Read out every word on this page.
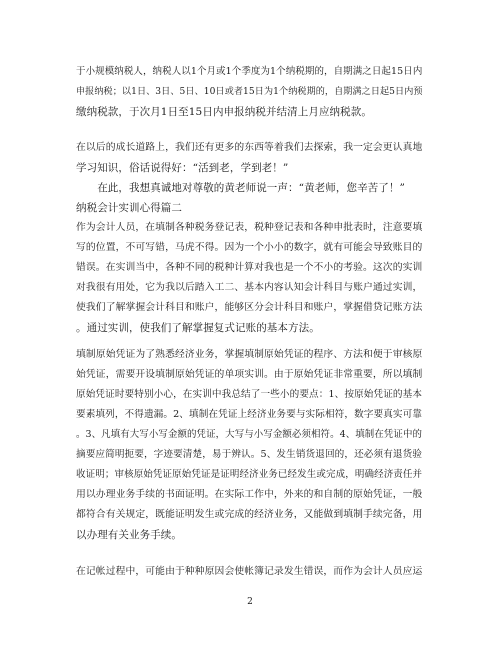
于小规模纳税人，纳税人以1个月或1个季度为1个纳税期的，自期满之日起15日内
申报纳税；以1日、3日、5日、10日或者15日为1个纳税期的，自期满之日起5日内预
缴纳税款，于次月1日至15日内申报纳税并结清上月应纳税款。
在以后的成长道路上，我们还有更多的东西等着我们去探索，我一定会更认真地
学习知识，俗话说得好：“活到老，学到老！”
　　在此，我想真诚地对尊敬的黄老师说一声：“黄老师，您辛苦了！”
纳税会计实训心得篇二
作为会计人员，在填制各种税务登记表，税种登记表和各种申批表时，注意要填
写的位置，不可写错，马虎不得。因为一个小小的数字，就有可能会导致账目的
错误。在实训当中，各种不同的税种计算对我也是一个不小的考验。这次的实训
对我很有用处，它为我以后踏入工二、基本内容认知会计科目与账户通过实训，
使我们了解掌握会计科目和账户，能够区分会计科目和账户，掌握借贷记账方法
。通过实训，使我们了解掌握复式记账的基本方法。
填制原始凭证为了熟悉经济业务，掌握填制原始凭证的程序、方法和便于审核原
始凭证，需要开设填制原始凭证的单项实训。由于原始凭证非常重要，所以填制
原始凭证时要特别小心，在实训中我总结了一些小的要点：1、按原始凭证的基本
要素填列，不得遗漏。2、填制在凭证上经济业务要与实际相符，数字要真实可靠
。3、凡填有大写小写金额的凭证，大写与小写金额必须相符。4、填制在凭证中的
摘要应简明扼要，字迹要清楚，易于辨认。5、发生销货退回的，还必须有退货验
收证明；审核原始凭证原始凭证是证明经济业务已经发生或完成，明确经济责任并
用以办理业务手续的书面证明。在实际工作中，外来的和自制的原始凭证，一般
都符合有关规定，既能证明发生或完成的经济业务，又能做到填制手续完备，用
以办理有关业务手续。
在记帐过程中，可能由于种种原因会使帐簿记录发生错误，而作为会计人员应运
2
